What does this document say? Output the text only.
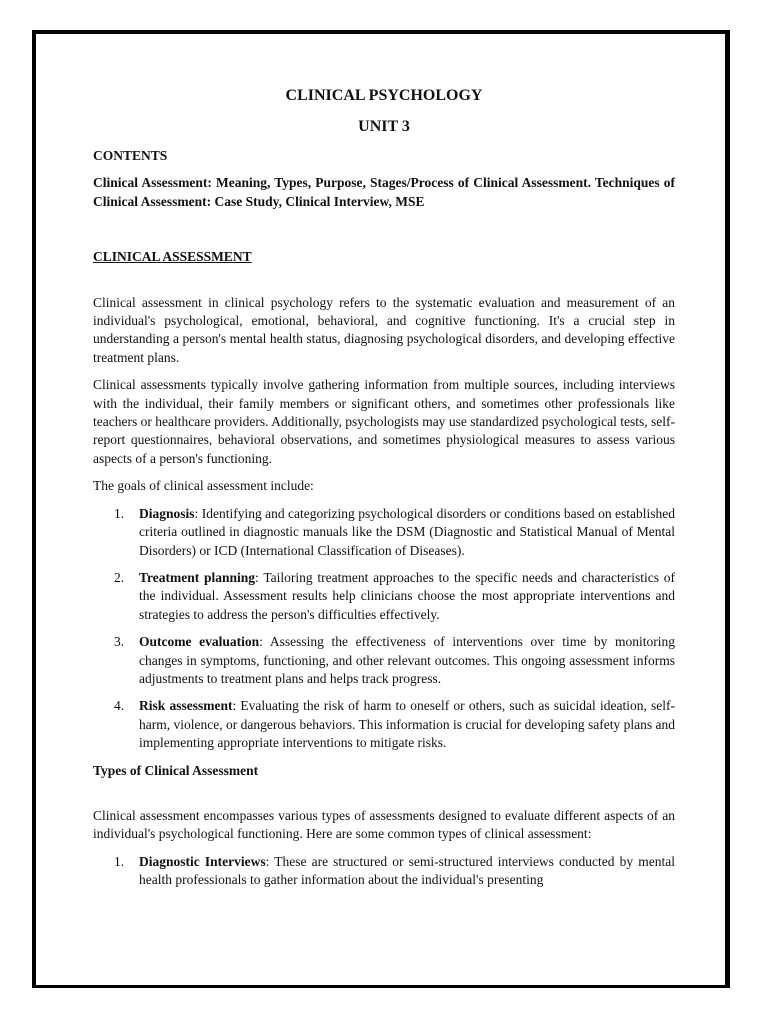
CLINICAL PSYCHOLOGY

UNIT 3

CONTENTS

Clinical Assessment: Meaning, Types, Purpose, Stages/Process of Clinical Assessment. Techniques of Clinical Assessment: Case Study, Clinical Interview, MSE

CLINICAL ASSESSMENT

Clinical assessment in clinical psychology refers to the systematic evaluation and measurement of an individual's psychological, emotional, behavioral, and cognitive functioning. It's a crucial step in understanding a person's mental health status, diagnosing psychological disorders, and developing effective treatment plans.

Clinical assessments typically involve gathering information from multiple sources, including interviews with the individual, their family members or significant others, and sometimes other professionals like teachers or healthcare providers. Additionally, psychologists may use standardized psychological tests, self-report questionnaires, behavioral observations, and sometimes physiological measures to assess various aspects of a person's functioning.

The goals of clinical assessment include:

1. Diagnosis: Identifying and categorizing psychological disorders or conditions based on established criteria outlined in diagnostic manuals like the DSM (Diagnostic and Statistical Manual of Mental Disorders) or ICD (International Classification of Diseases).
2. Treatment planning: Tailoring treatment approaches to the specific needs and characteristics of the individual. Assessment results help clinicians choose the most appropriate interventions and strategies to address the person's difficulties effectively.
3. Outcome evaluation: Assessing the effectiveness of interventions over time by monitoring changes in symptoms, functioning, and other relevant outcomes. This ongoing assessment informs adjustments to treatment plans and helps track progress.
4. Risk assessment: Evaluating the risk of harm to oneself or others, such as suicidal ideation, self-harm, violence, or dangerous behaviors. This information is crucial for developing safety plans and implementing appropriate interventions to mitigate risks.

Types of Clinical Assessment

Clinical assessment encompasses various types of assessments designed to evaluate different aspects of an individual's psychological functioning. Here are some common types of clinical assessment:

1. Diagnostic Interviews: These are structured or semi-structured interviews conducted by mental health professionals to gather information about the individual's presenting
